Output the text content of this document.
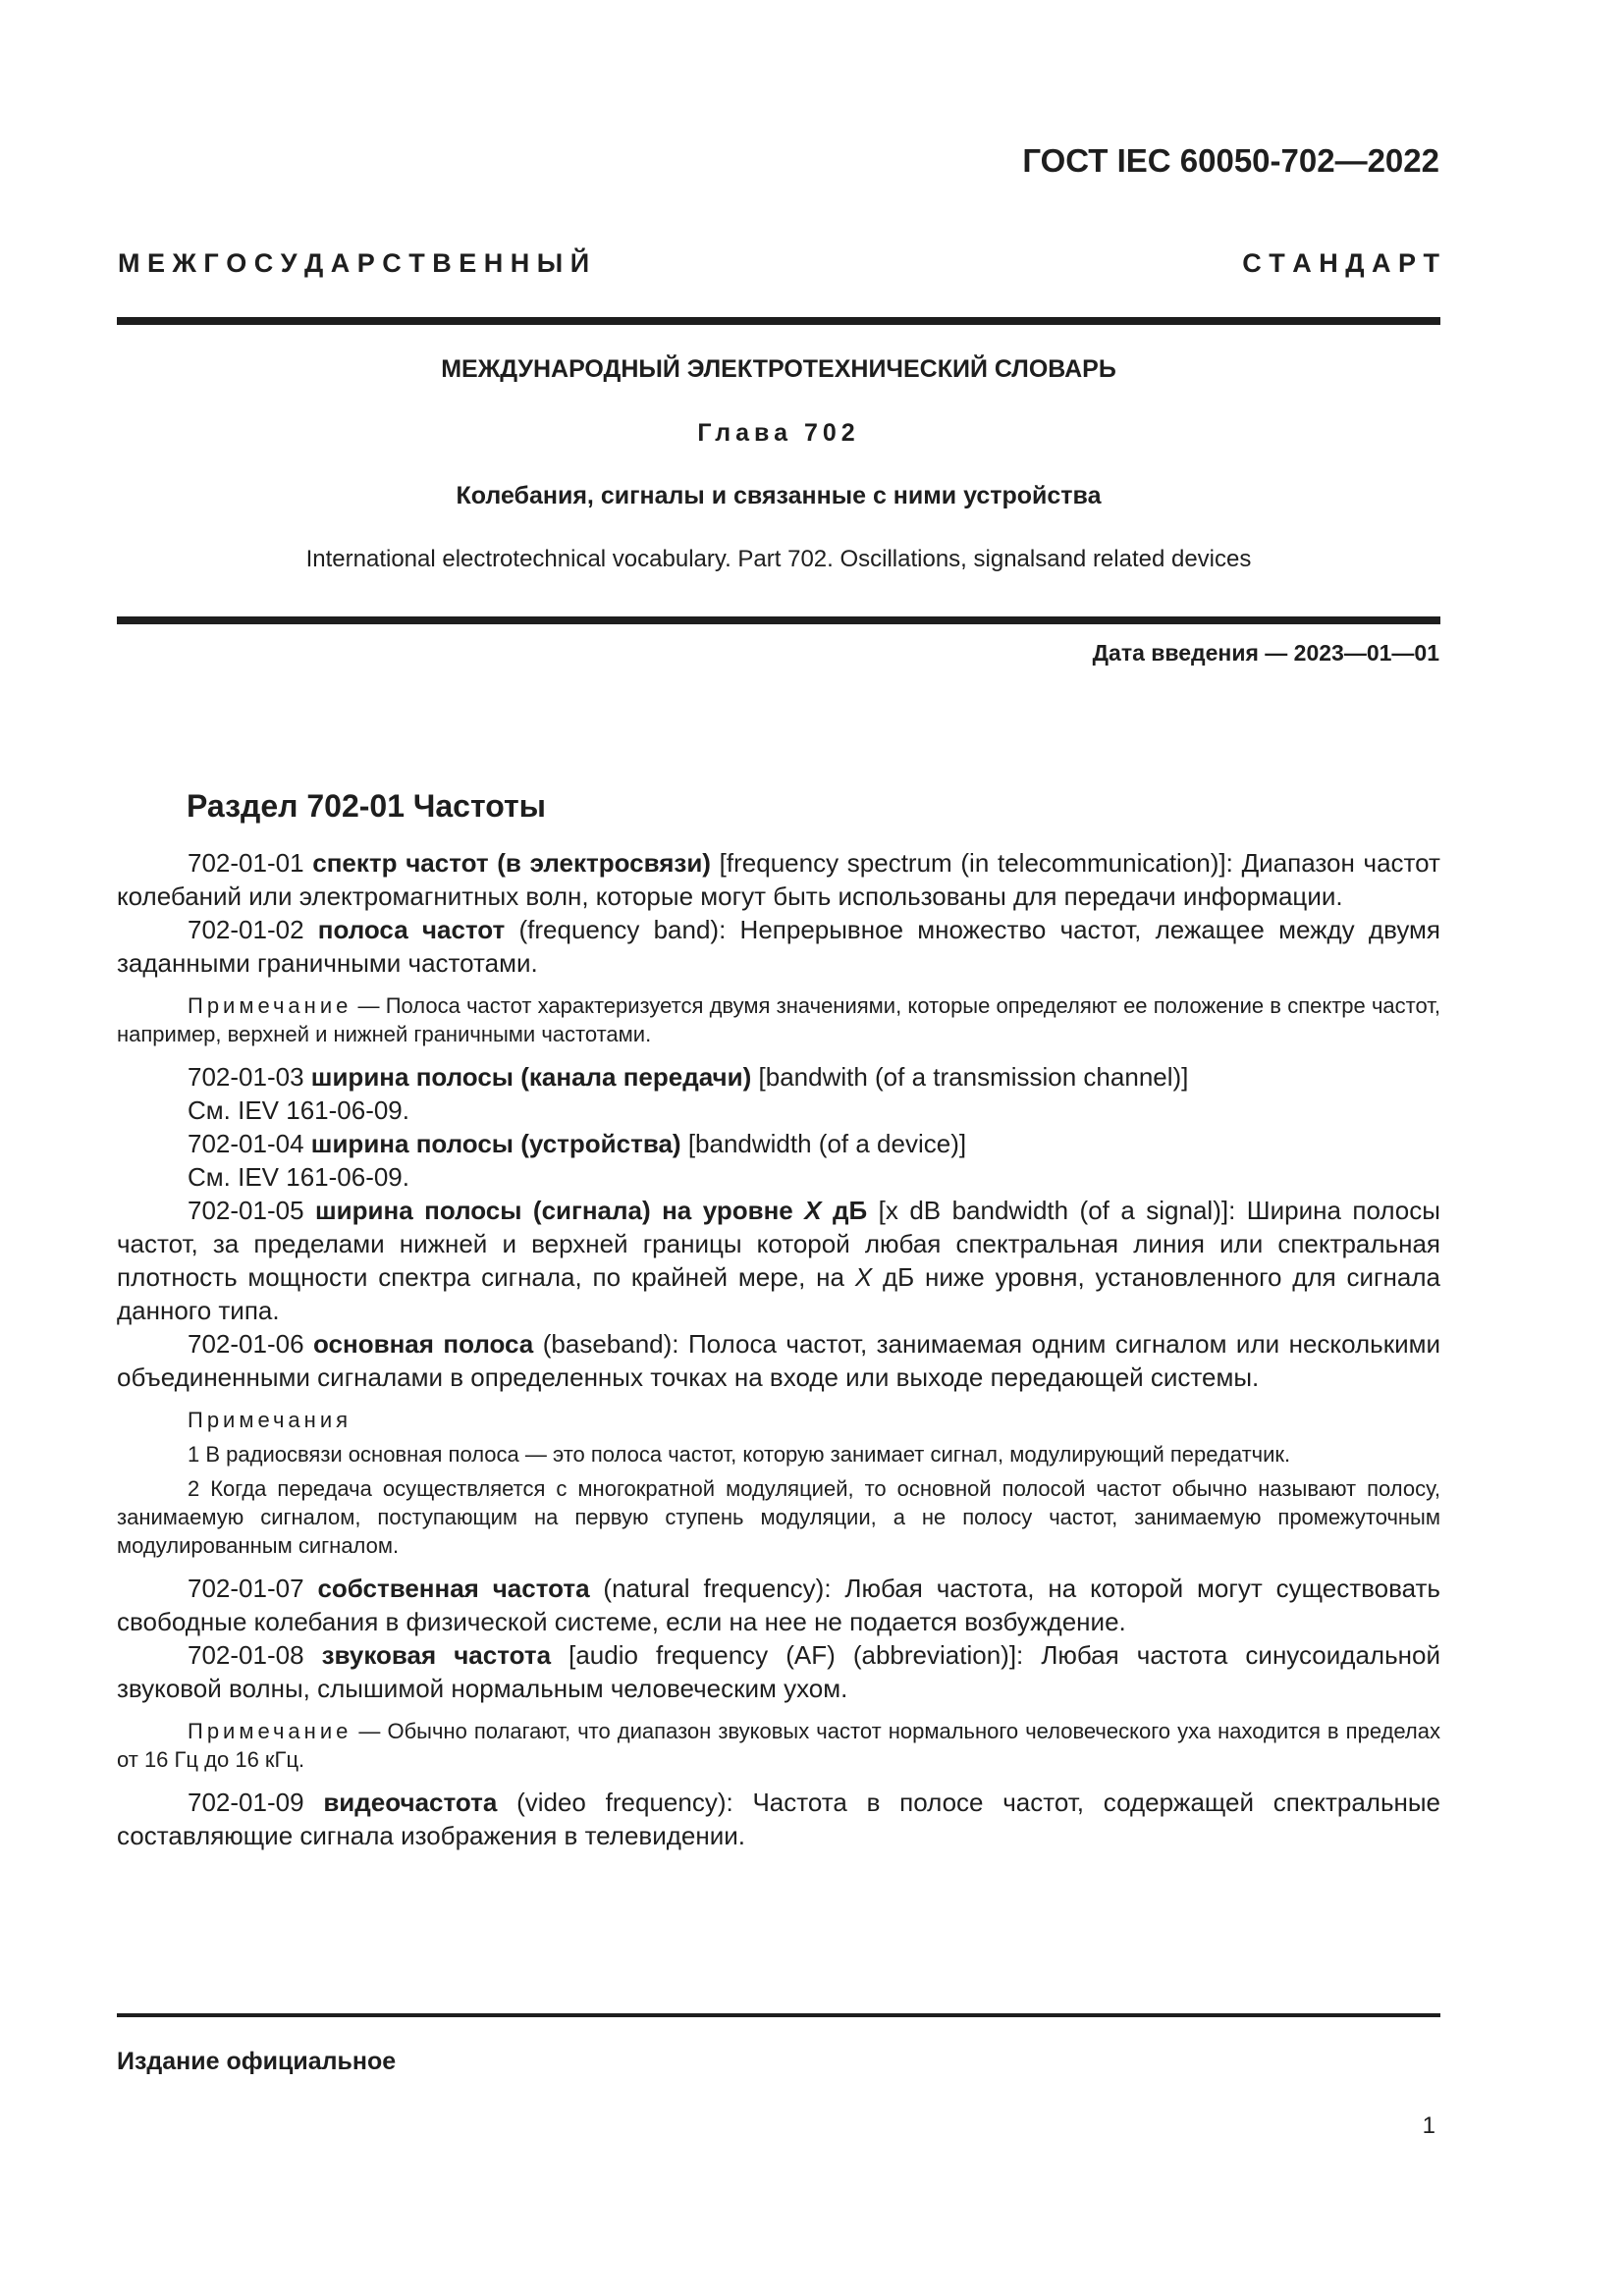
ГОСТ IEC 60050-702—2022
М Е Ж Г О С У Д А Р С Т В Е Н Н Ы Й	С Т А Н Д А Р Т
МЕЖДУНАРОДНЫЙ ЭЛЕКТРОТЕХНИЧЕСКИЙ СЛОВАРЬ
Глава 702
Колебания, сигналы и связанные с ними устройства
International electrotechnical vocabulary. Part 702. Oscillations, signalsand related devices
Дата введения — 2023—01—01
Раздел 702-01 Частоты

702-01-01 спектр частот (в электросвязи) [frequency spectrum (in telecommunication)]: Диапазон частот колебаний или электромагнитных волн, которые могут быть использованы для передачи информации.

702-01-02 полоса частот (frequency band): Непрерывное множество частот, лежащее между двумя заданными граничными частотами.

Примечание — Полоса частот характеризуется двумя значениями, которые определяют ее положение в спектре частот, например, верхней и нижней граничными частотами.

702-01-03 ширина полосы (канала передачи) [bandwith (of a transmission channel)]

См. IEV 161-06-09.

702-01-04 ширина полосы (устройства) [bandwidth (of a device)]

См. IEV 161-06-09.

702-01-05 ширина полосы (сигнала) на уровне X дБ [x dB bandwidth (of a signal)]: Ширина полосы частот, за пределами нижней и верхней границы которой любая спектральная линия или спектральная плотность мощности спектра сигнала, по крайней мере, на X дБ ниже уровня, установленного для сигнала данного типа.

702-01-06 основная полоса (baseband): Полоса частот, занимаемая одним сигналом или несколькими объединенными сигналами в определенных точках на входе или выходе передающей системы.

Примечания

1 В радиосвязи основная полоса — это полоса частот, которую занимает сигнал, модулирующий передатчик.

2 Когда передача осуществляется с многократной модуляцией, то основной полосой частот обычно называют полосу, занимаемую сигналом, поступающим на первую ступень модуляции, а не полосу частот, занимаемую промежуточным модулированным сигналом.

702-01-07 собственная частота (natural frequency): Любая частота, на которой могут существовать свободные колебания в физической системе, если на нее не подается возбуждение.

702-01-08 звуковая частота [audio frequency (AF) (abbreviation)]: Любая частота синусоидальной звуковой волны, слышимой нормальным человеческим ухом.

Примечание — Обычно полагают, что диапазон звуковых частот нормального человеческого уха находится в пределах от 16 Гц до 16 кГц.

702-01-09 видеочастота (video frequency): Частота в полосе частот, содержащей спектральные составляющие сигнала изображения в телевидении.

Издание официальное
1
